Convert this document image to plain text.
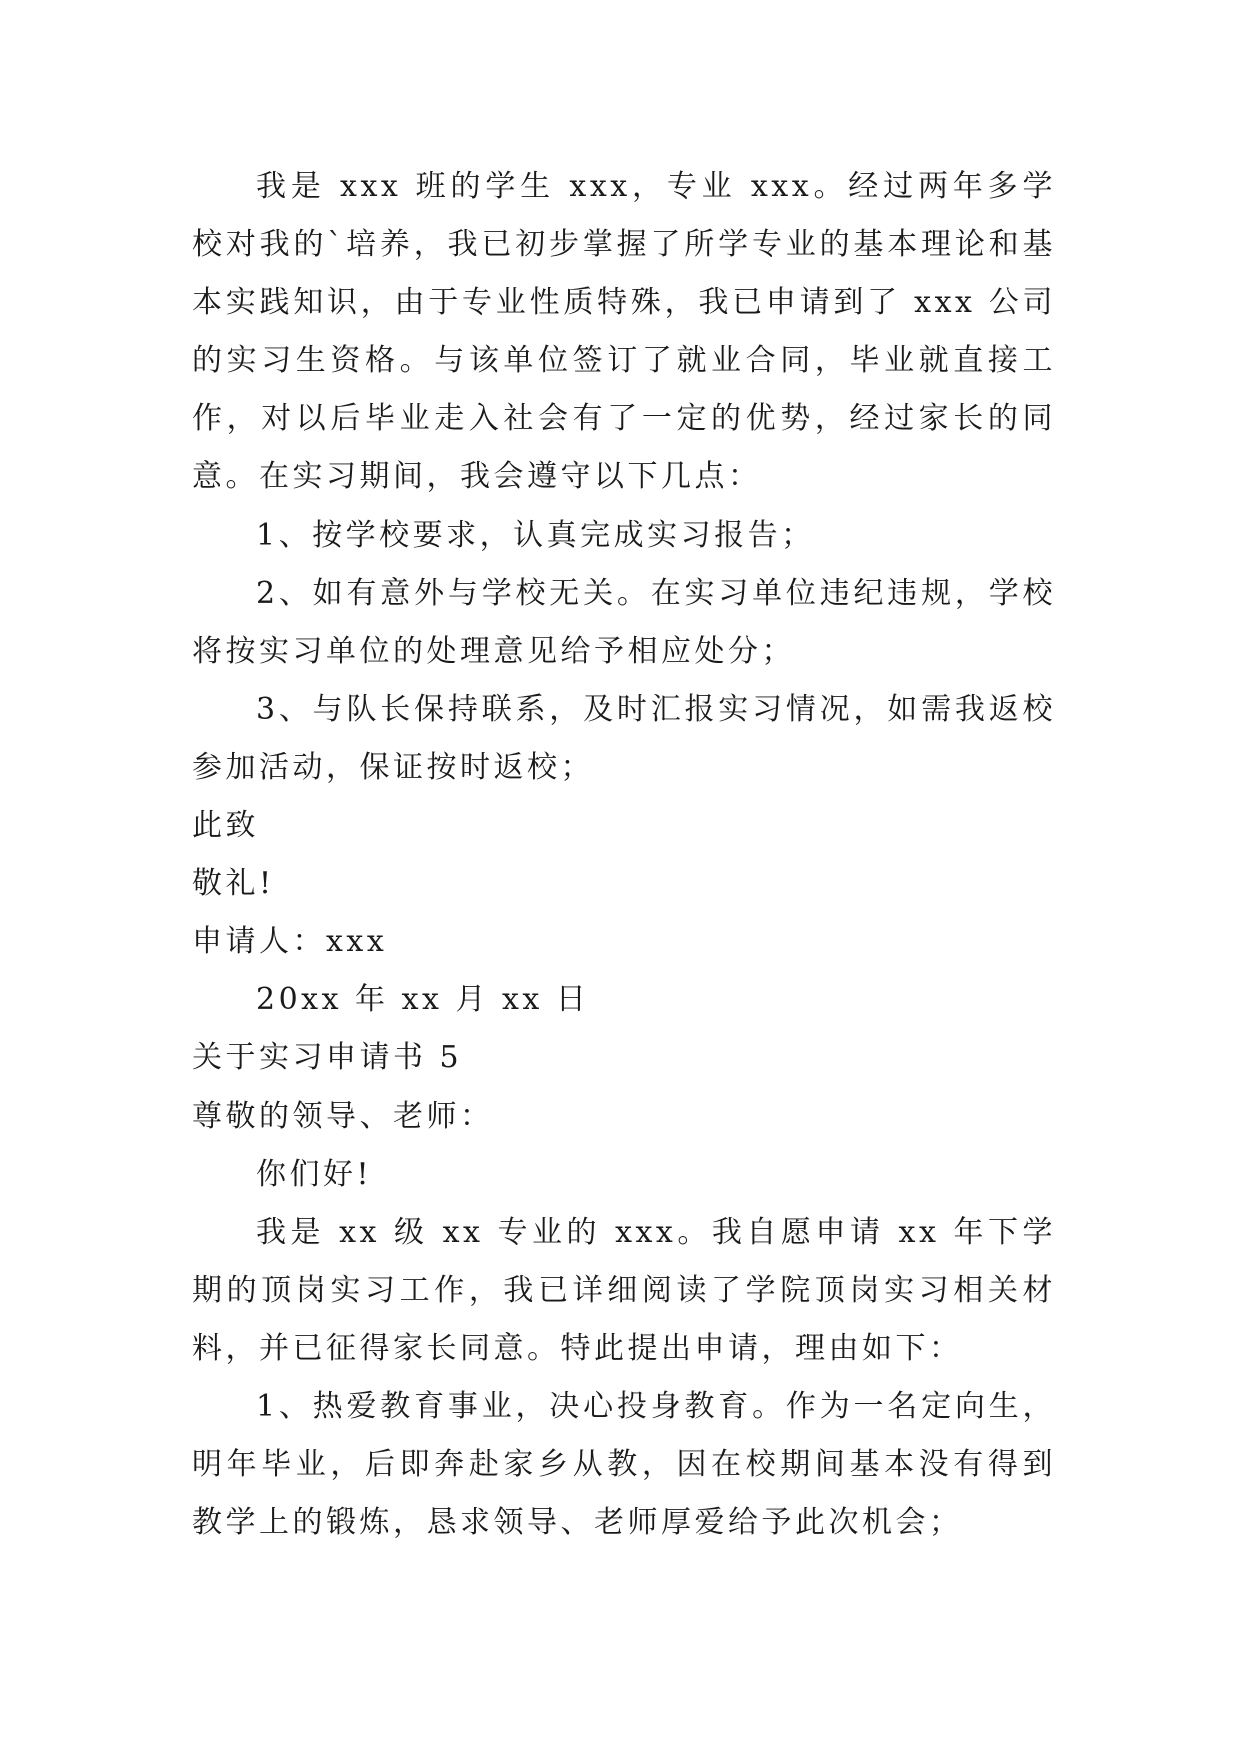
我是 xxx 班的学生 xxx，专业 xxx。经过两年多学校对我的`培养，我已初步掌握了所学专业的基本理论和基本实践知识，由于专业性质特殊，我已申请到了 xxx 公司的实习生资格。与该单位签订了就业合同，毕业就直接工作，对以后毕业走入社会有了一定的优势，经过家长的同意。在实习期间，我会遵守以下几点：

1、按学校要求，认真完成实习报告；

2、如有意外与学校无关。在实习单位违纪违规，学校将按实习单位的处理意见给予相应处分；

3、与队长保持联系，及时汇报实习情况，如需我返校参加活动，保证按时返校；

此致

敬礼!

申请人：xxx

20xx 年 xx 月 xx 日

关于实习申请书 5

尊敬的领导、老师：

你们好!

我是 xx 级 xx 专业的 xxx。我自愿申请 xx 年下学期的顶岗实习工作，我已详细阅读了学院顶岗实习相关材料，并已征得家长同意。特此提出申请，理由如下：

1、热爱教育事业，决心投身教育。作为一名定向生，明年毕业，后即奔赴家乡从教，因在校期间基本没有得到教学上的锻炼，恳求领导、老师厚爱给予此次机会；
